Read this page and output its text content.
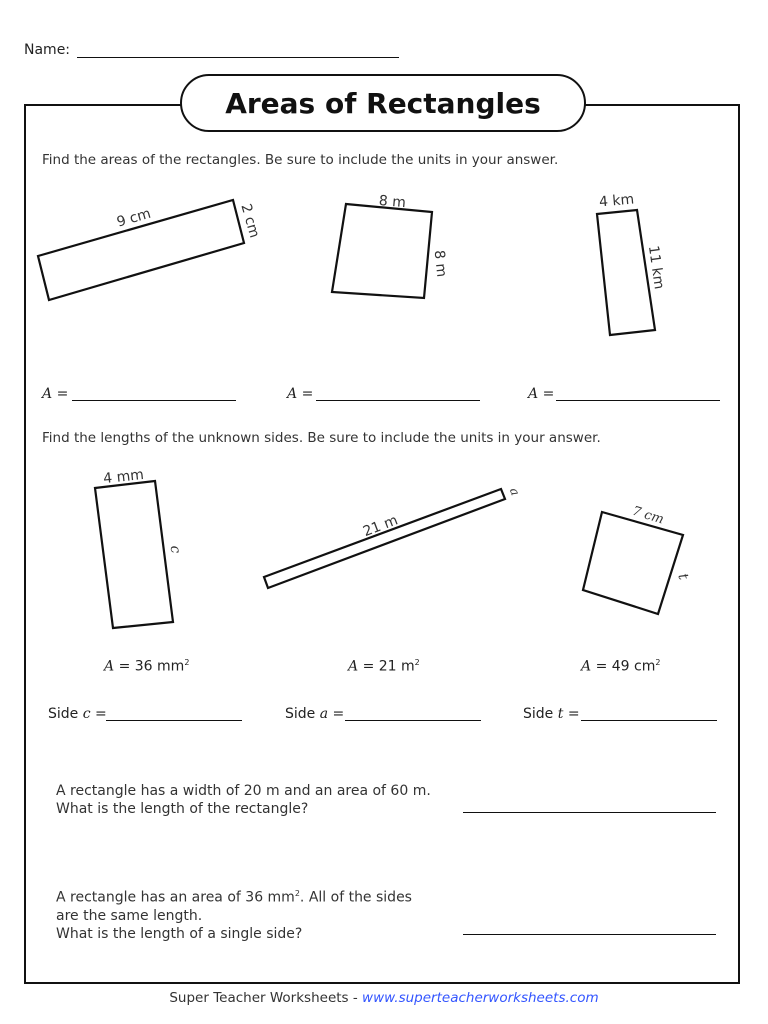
Name:
Areas of Rectangles
Find the areas of the rectangles. Be sure to include the units in your answer.
9 cm	2 cm	8 m
8 m
4 km
11 km
A =	A =	A =
Find the lengths of the unknown sides. Be sure to include the units in your answer.
4 mm
c
21 m
a
7 cm
t
A = 36 $mm^2$	A = 21 $m^2$	A = 49 $cm^2$
Side c =	Side a =	Side t =
A rectangle has a width of 20 m and an area of 60 m.
What is the length of the rectangle?
A rectangle has an area of 36 $mm^2$. All of the sides
are the same length.
What is the length of a single side?
Super Teacher Worksheets - www.superteacherworksheets.com
